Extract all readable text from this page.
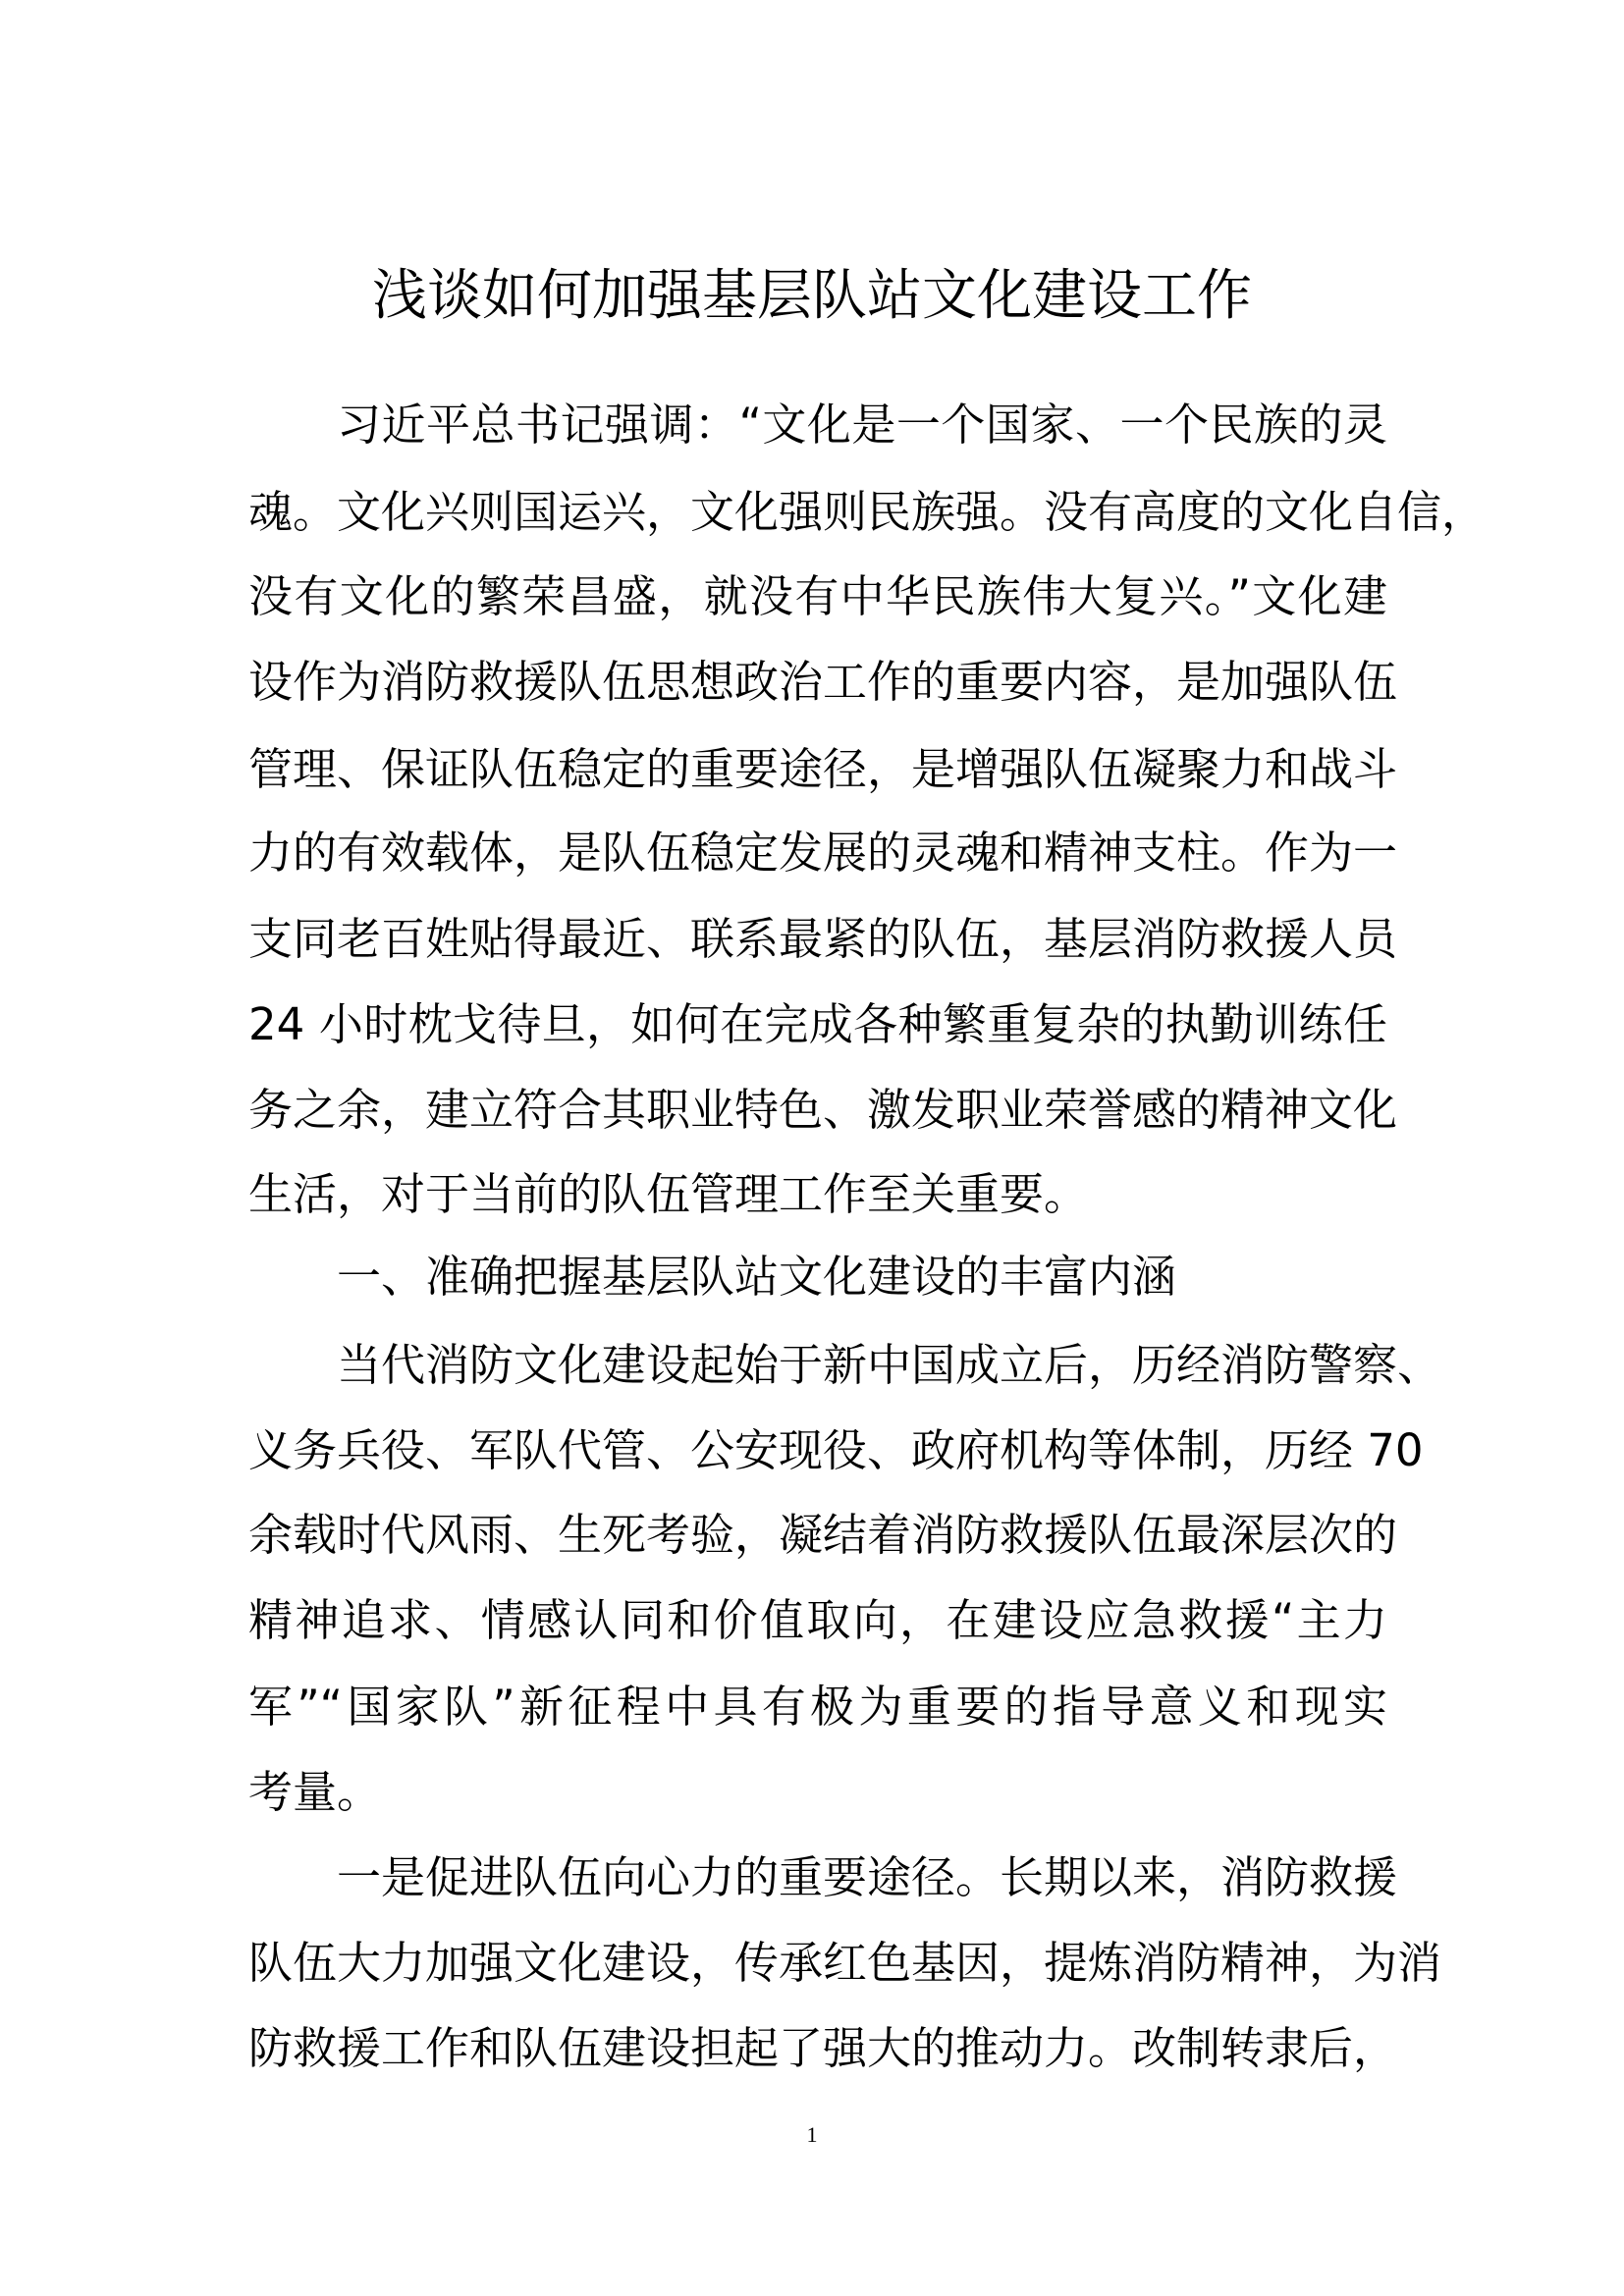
浅谈如何加强基层队站文化建设工作
习近平总书记强调：“文化是一个国家、一个民族的灵
魂。文化兴则国运兴，文化强则民族强。没有高度的文化自信，
没有文化的繁荣昌盛，就没有中华民族伟大复兴。”文化建
设作为消防救援队伍思想政治工作的重要内容，是加强队伍
管理、保证队伍稳定的重要途径，是增强队伍凝聚力和战斗
力的有效载体，是队伍稳定发展的灵魂和精神支柱。作为一
支同老百姓贴得最近、联系最紧的队伍，基层消防救援人员
24 小时枕戈待旦，如何在完成各种繁重复杂的执勤训练任
务之余，建立符合其职业特色、激发职业荣誉感的精神文化
生活，对于当前的队伍管理工作至关重要。
一、准确把握基层队站文化建设的丰富内涵
当代消防文化建设起始于新中国成立后，历经消防警察、
义务兵役、军队代管、公安现役、政府机构等体制，历经 70
余载时代风雨、生死考验，凝结着消防救援队伍最深层次的
精神追求、情感认同和价值取向，在建设应急救援“主力
军”“国家队”新征程中具有极为重要的指导意义和现实
考量。
一是促进队伍向心力的重要途径。长期以来，消防救援
队伍大力加强文化建设，传承红色基因，提炼消防精神，为消
防救援工作和队伍建设担起了强大的推动力。改制转隶后，
1
